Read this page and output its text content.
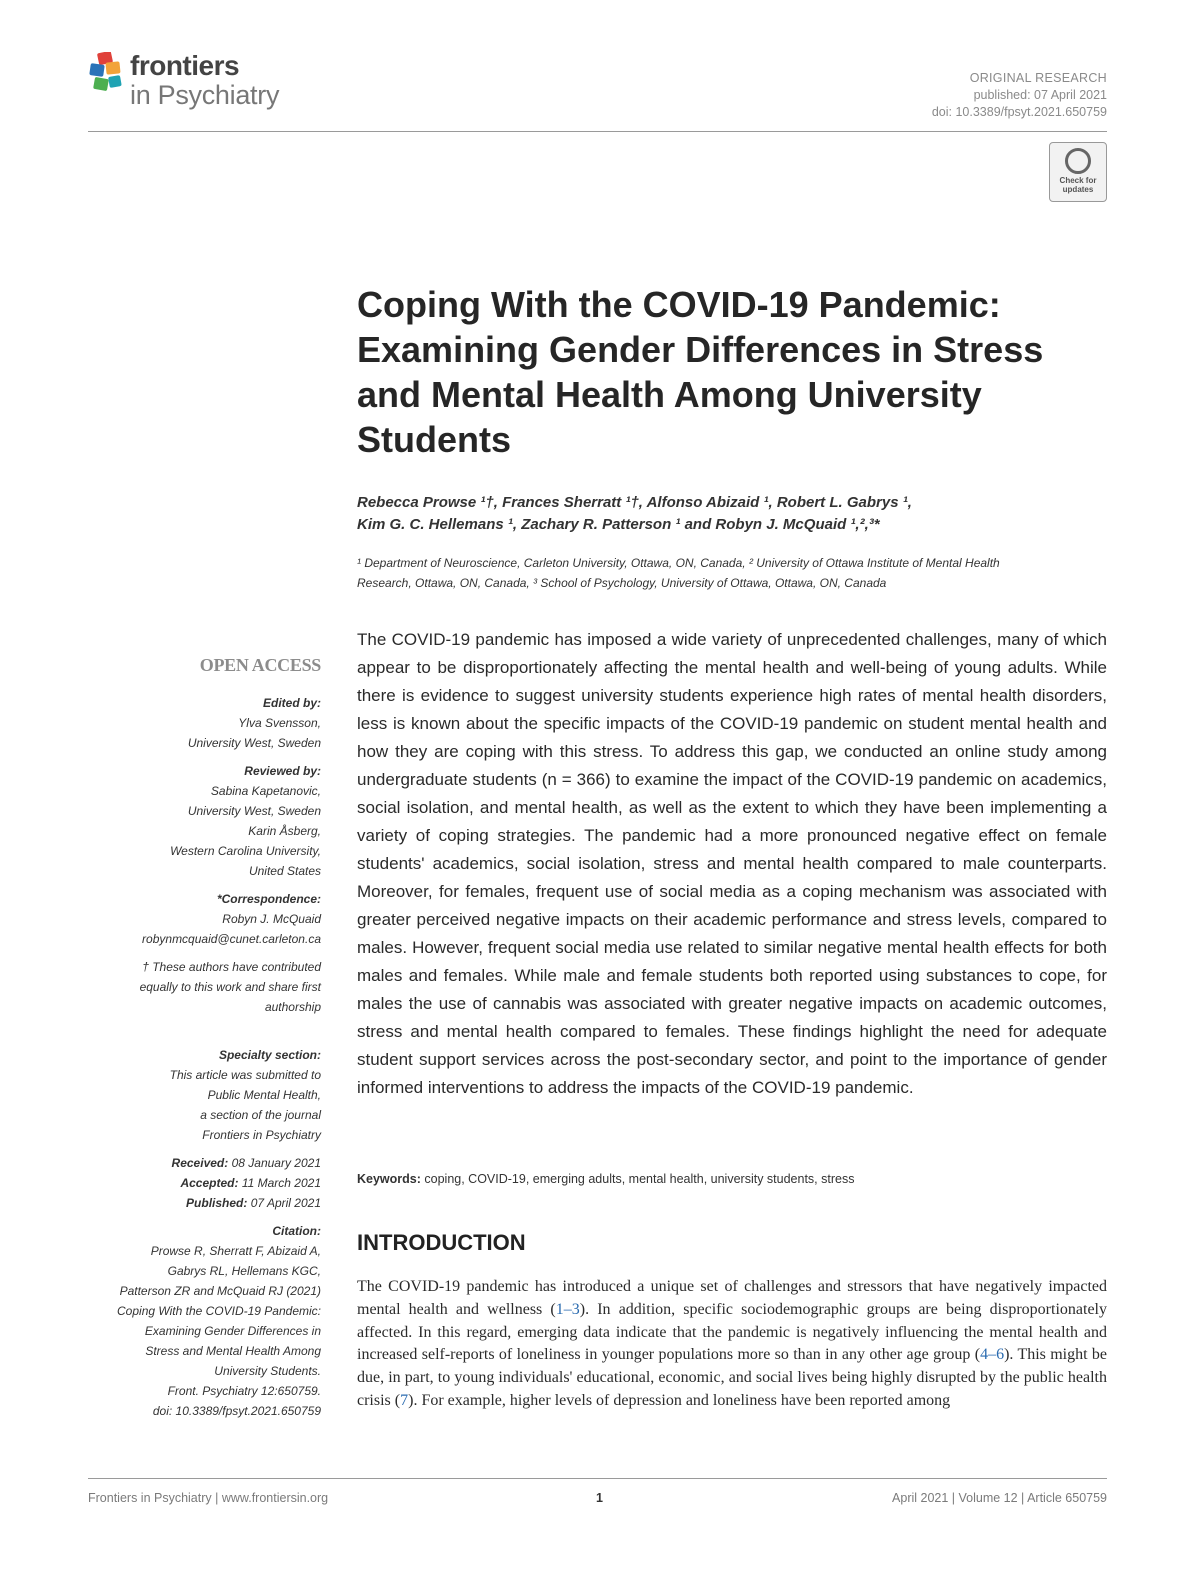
frontiers
in Psychiatry
ORIGINAL RESEARCH
published: 07 April 2021
doi: 10.3389/fpsyt.2021.650759
Check for
updates
Coping With the COVID-19 Pandemic: Examining Gender Differences in Stress and Mental Health Among University Students
Rebecca Prowse ¹†, Frances Sherratt ¹†, Alfonso Abizaid ¹, Robert L. Gabrys ¹,
Kim G. C. Hellemans ¹, Zachary R. Patterson ¹ and Robyn J. McQuaid ¹,²,³*
¹ Department of Neuroscience, Carleton University, Ottawa, ON, Canada, ² University of Ottawa Institute of Mental Health
Research, Ottawa, ON, Canada, ³ School of Psychology, University of Ottawa, Ottawa, ON, Canada
The COVID-19 pandemic has imposed a wide variety of unprecedented challenges, many of which appear to be disproportionately affecting the mental health and well-being of young adults. While there is evidence to suggest university students experience high rates of mental health disorders, less is known about the specific impacts of the COVID-19 pandemic on student mental health and how they are coping with this stress. To address this gap, we conducted an online study among undergraduate students (n = 366) to examine the impact of the COVID-19 pandemic on academics, social isolation, and mental health, as well as the extent to which they have been implementing a variety of coping strategies. The pandemic had a more pronounced negative effect on female students' academics, social isolation, stress and mental health compared to male counterparts. Moreover, for females, frequent use of social media as a coping mechanism was associated with greater perceived negative impacts on their academic performance and stress levels, compared to males. However, frequent social media use related to similar negative mental health effects for both males and females. While male and female students both reported using substances to cope, for males the use of cannabis was associated with greater negative impacts on academic outcomes, stress and mental health compared to females. These findings highlight the need for adequate student support services across the post-secondary sector, and point to the importance of gender informed interventions to address the impacts of the COVID-19 pandemic.
Keywords: coping, COVID-19, emerging adults, mental health, university students, stress
INTRODUCTION
The COVID-19 pandemic has introduced a unique set of challenges and stressors that have negatively impacted mental health and wellness (1–3). In addition, specific sociodemographic groups are being disproportionately affected. In this regard, emerging data indicate that the pandemic is negatively influencing the mental health and increased self-reports of loneliness in younger populations more so than in any other age group (4–6). This might be due, in part, to young individuals' educational, economic, and social lives being highly disrupted by the public health crisis (7). For example, higher levels of depression and loneliness have been reported among
OPEN ACCESS
Edited by:
Ylva Svensson,
University West, Sweden
Reviewed by:
Sabina Kapetanovic,
University West, Sweden
Karin Åsberg,
Western Carolina University,
United States
*Correspondence:
Robyn J. McQuaid
robynmcquaid@cunet.carleton.ca
† These authors have contributed
equally to this work and share first
authorship
Specialty section:
This article was submitted to
Public Mental Health,
a section of the journal
Frontiers in Psychiatry
Received: 08 January 2021
Accepted: 11 March 2021
Published: 07 April 2021
Citation:
Prowse R, Sherratt F, Abizaid A,
Gabrys RL, Hellemans KGC,
Patterson ZR and McQuaid RJ (2021)
Coping With the COVID-19 Pandemic:
Examining Gender Differences in
Stress and Mental Health Among
University Students.
Front. Psychiatry 12:650759.
doi: 10.3389/fpsyt.2021.650759
Frontiers in Psychiatry | www.frontiersin.org	1	April 2021 | Volume 12 | Article 650759
